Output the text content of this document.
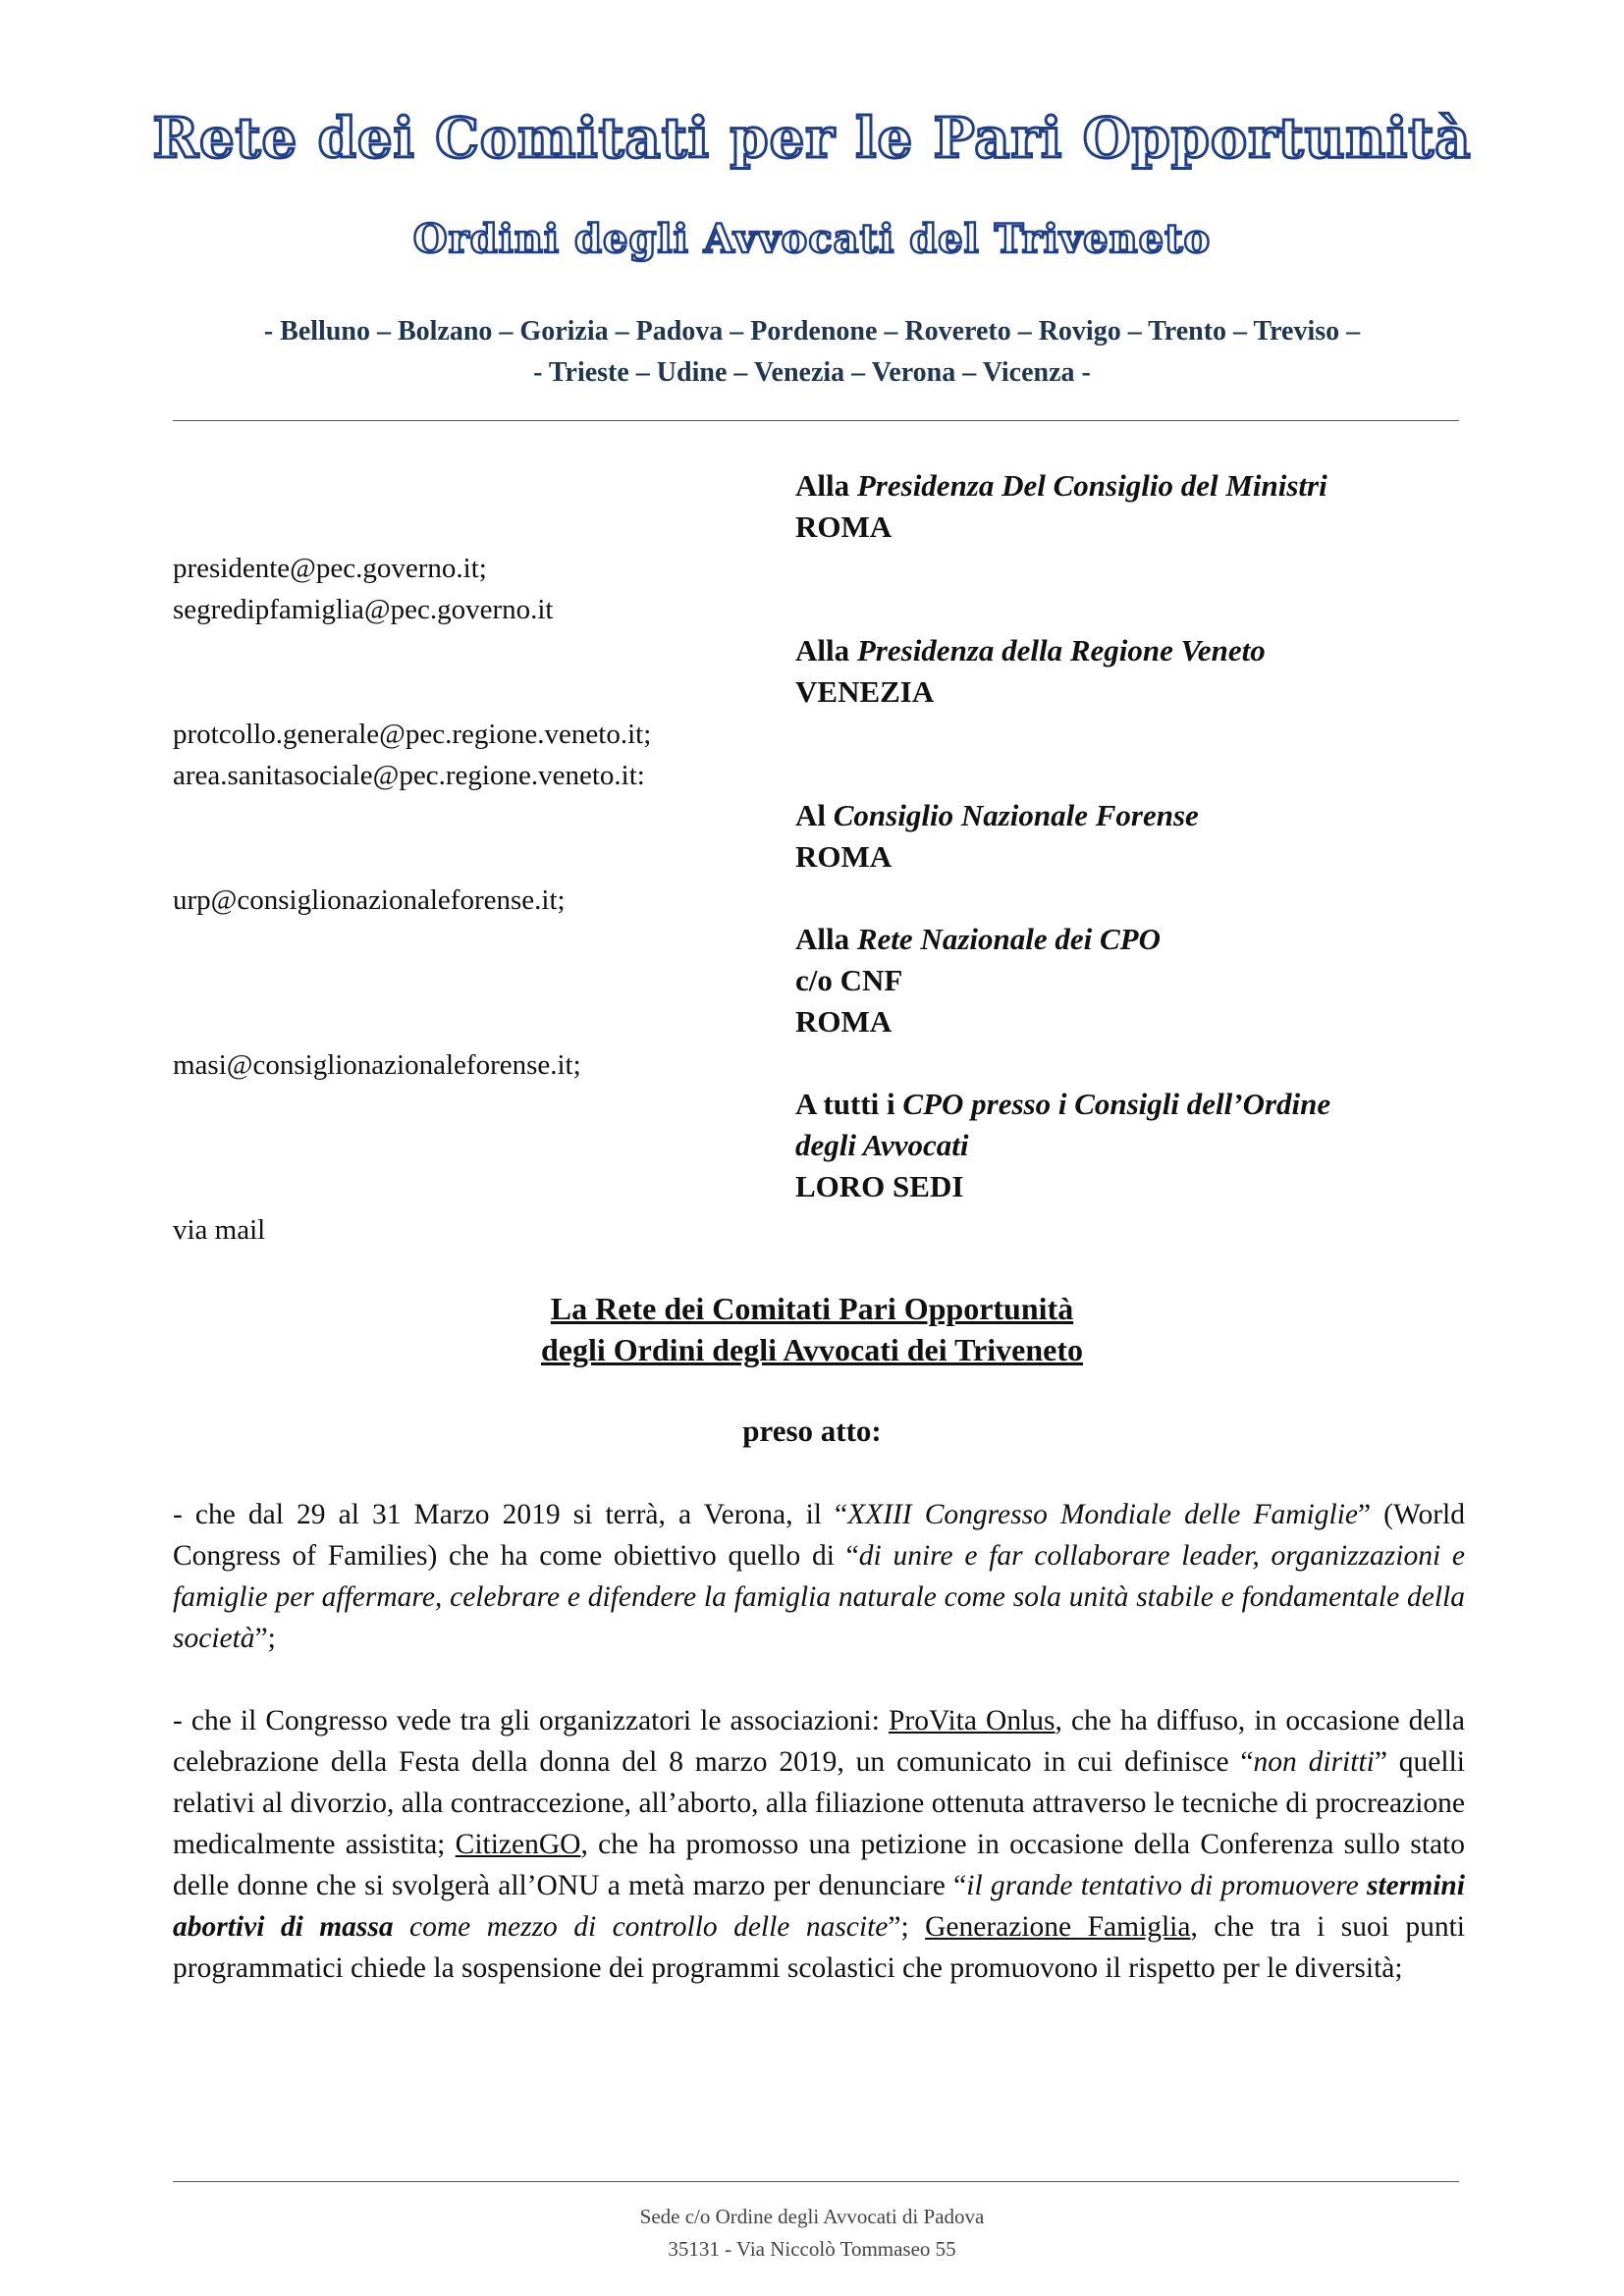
Rete dei Comitati per le Pari Opportunità
Ordini degli Avvocati del Triveneto
- Belluno – Bolzano – Gorizia – Padova – Pordenone – Rovereto – Rovigo – Trento – Treviso –
- Trieste – Udine – Venezia – Verona – Vicenza -
presidente@pec.governo.it;
segredipfamiglia@pec.governo.it
protcollo.generale@pec.regione.veneto.it;
area.sanitasociale@pec.regione.veneto.it:
urp@consiglionazionaleforense.it;
masi@consiglionazionaleforense.it;
via mail
Alla Presidenza Del Consiglio del Ministri
ROMA
Alla Presidenza della Regione Veneto
VENEZIA
Al Consiglio Nazionale Forense
ROMA
Alla Rete Nazionale dei CPO
c/o CNF
ROMA
A tutti i CPO presso i Consigli dell’Ordine
degli Avvocati
LORO SEDI
La Rete dei Comitati Pari Opportunità
degli Ordini degli Avvocati dei Triveneto
preso atto:
- che dal 29 al 31 Marzo 2019 si terrà, a Verona, il “XXIII Congresso Mondiale delle Famiglie” (World Congress of Families) che ha come obiettivo quello di “di unire e far collaborare leader, organizzazioni e famiglie per affermare, celebrare e difendere la famiglia naturale come sola unità stabile e fondamentale della società”;
- che il Congresso vede tra gli organizzatori le associazioni: ProVita Onlus, che ha diffuso, in occasione della celebrazione della Festa della donna del 8 marzo 2019, un comunicato in cui definisce “non diritti” quelli relativi al divorzio, alla contraccezione, all’aborto, alla filiazione ottenuta attraverso le tecniche di procreazione medicalmente assistita; CitizenGO, che ha promosso una petizione in occasione della Conferenza sullo stato delle donne che si svolgerà all’ONU a metà marzo per denunciare “il grande tentativo di promuovere stermini abortivi di massa come mezzo di controllo delle nascite”; Generazione Famiglia, che tra i suoi punti programmatici chiede la sospensione dei programmi scolastici che promuovono il rispetto per le diversità;
Sede c/o Ordine degli Avvocati di Padova
35131 - Via Niccolò Tommaseo 55
